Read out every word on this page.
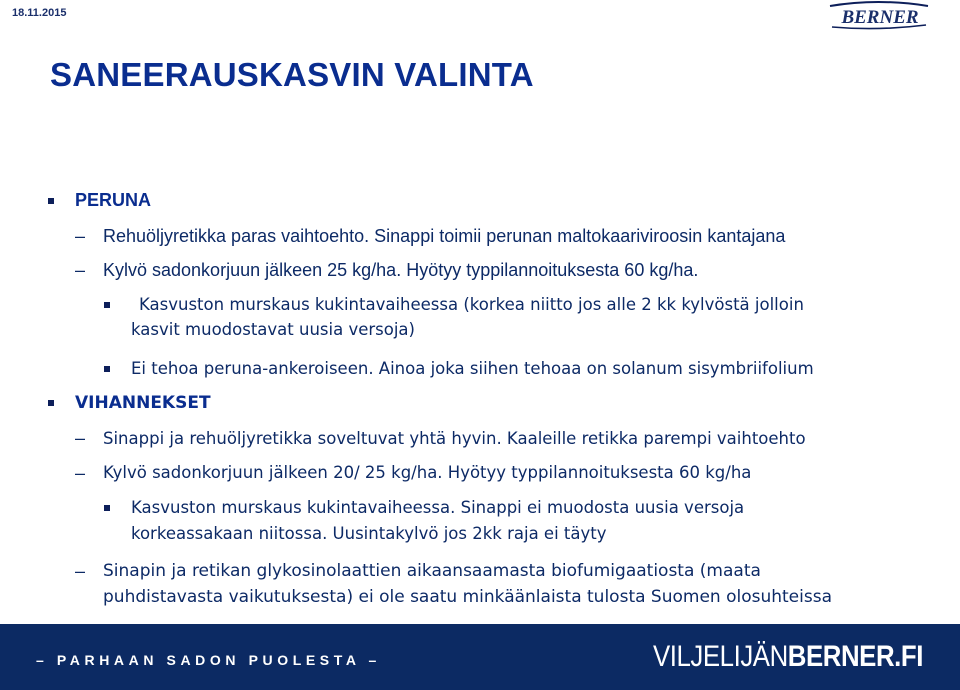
18.11.2015	BERNER
SANEERAUSKASVIN VALINTA
PERUNA
– Rehuöljyretikka paras vaihtoehto. Sinappi toimii perunan maltokaariviroosin kantajana
– Kylvö sadonkorjuun jälkeen 25 kg/ha. Hyötyy typpilannoituksesta 60 kg/ha.
Kasvuston murskaus kukintavaiheessa (korkea niitto jos alle 2 kk kylvöstä jolloin
kasvit muodostavat uusia versoja)
Ei tehoa peruna-ankeroiseen. Ainoa joka siihen tehoaa on solanum sisymbriifolium
VIHANNEKSET
– Sinappi ja rehuöljyretikka soveltuvat yhtä hyvin. Kaaleille retikka parempi vaihtoehto
– Kylvö sadonkorjuun jälkeen 20/ 25 kg/ha. Hyötyy typpilannoituksesta 60 kg/ha
Kasvuston murskaus kukintavaiheessa. Sinappi ei muodosta uusia versoja
korkeassakaan niitossa. Uusintakylvö jos 2kk raja ei täyty
– Sinapin ja retikan glykosinolaattien aikaansaamasta biofumigaatiosta (maata
puhdistavasta vaikutuksesta) ei ole saatu minkäänlaista tulosta Suomen olosuhteissa
– PARHAAN SADON PUOLESTA –	VILJELIJÄNBERNER.FI
